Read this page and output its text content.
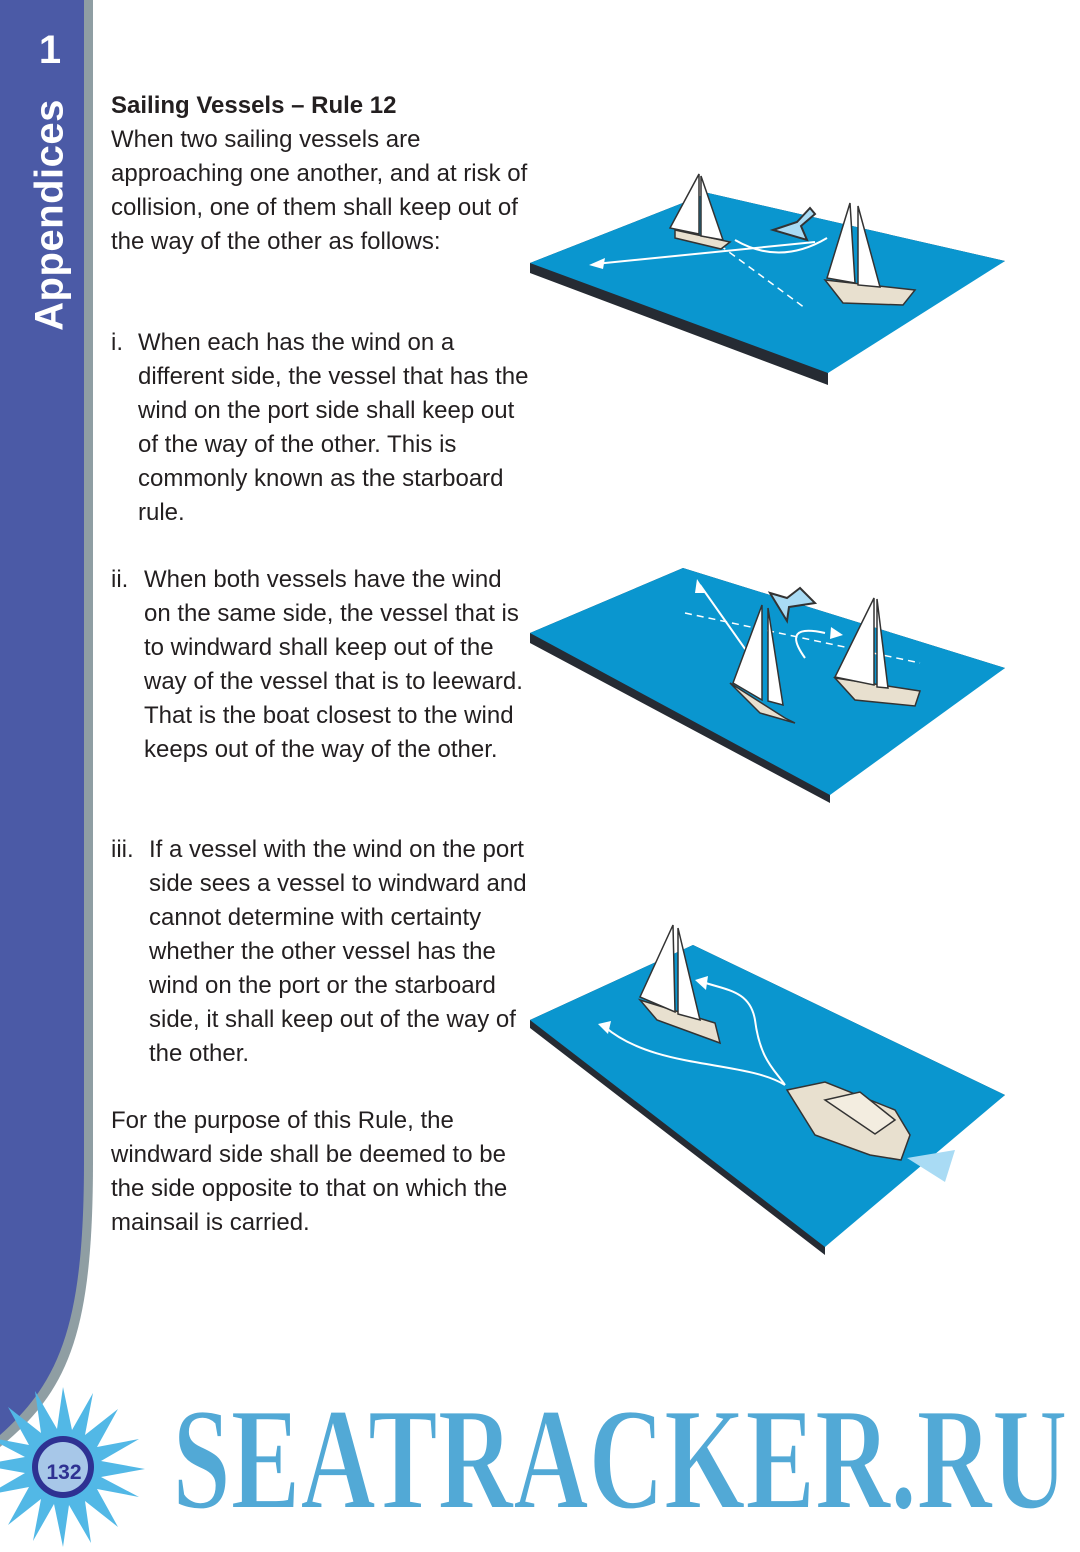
1
Appendices Sailing Vessels – Rule 12
When two sailing vessels are approaching one another, and at risk of collision, one of them shall keep out of the way of the other as follows:
i. When each has the wind on a different side, the vessel that has the wind on the port side shall keep out of the way of the other. This is commonly known as the starboard rule.
ii. When both vessels have the wind on the same side, the vessel that is to windward shall keep out of the way of the vessel that is to leeward. That is the boat closest to the wind keeps out of the way of the other.
iii. If a vessel with the wind on the port side sees a vessel to windward and cannot determine with certainty whether the other vessel has the wind on the port or the starboard side, it shall keep out of the way of the other.
For the purpose of this Rule, the windward side shall be deemed to be the side opposite to that on which the mainsail is carried.
132 SEATRACKER.RU
